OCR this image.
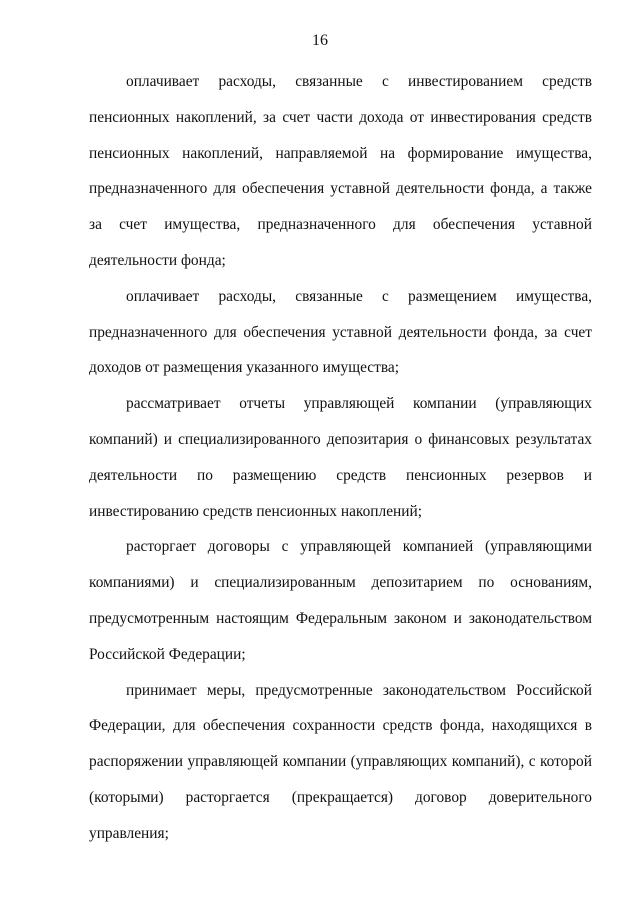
16

оплачивает расходы, связанные с инвестированием средств пенсионных накоплений, за счет части дохода от инвестирования средств пенсионных накоплений, направляемой на формирование имущества, предназначенного для обеспечения уставной деятельности фонда, а также за счет имущества, предназначенного для обеспечения уставной деятельности фонда;

оплачивает расходы, связанные с размещением имущества, предназначенного для обеспечения уставной деятельности фонда, за счет доходов от размещения указанного имущества;

рассматривает отчеты управляющей компании (управляющих компаний) и специализированного депозитария о финансовых результатах деятельности по размещению средств пенсионных резервов и инвестированию средств пенсионных накоплений;

расторгает договоры с управляющей компанией (управляющими компаниями) и специализированным депозитарием по основаниям, предусмотренным настоящим Федеральным законом и законодательством Российской Федерации;

принимает меры, предусмотренные законодательством Российской Федерации, для обеспечения сохранности средств фонда, находящихся в распоряжении управляющей компании (управляющих компаний), с которой (которыми) расторгается (прекращается) договор доверительного управления;
